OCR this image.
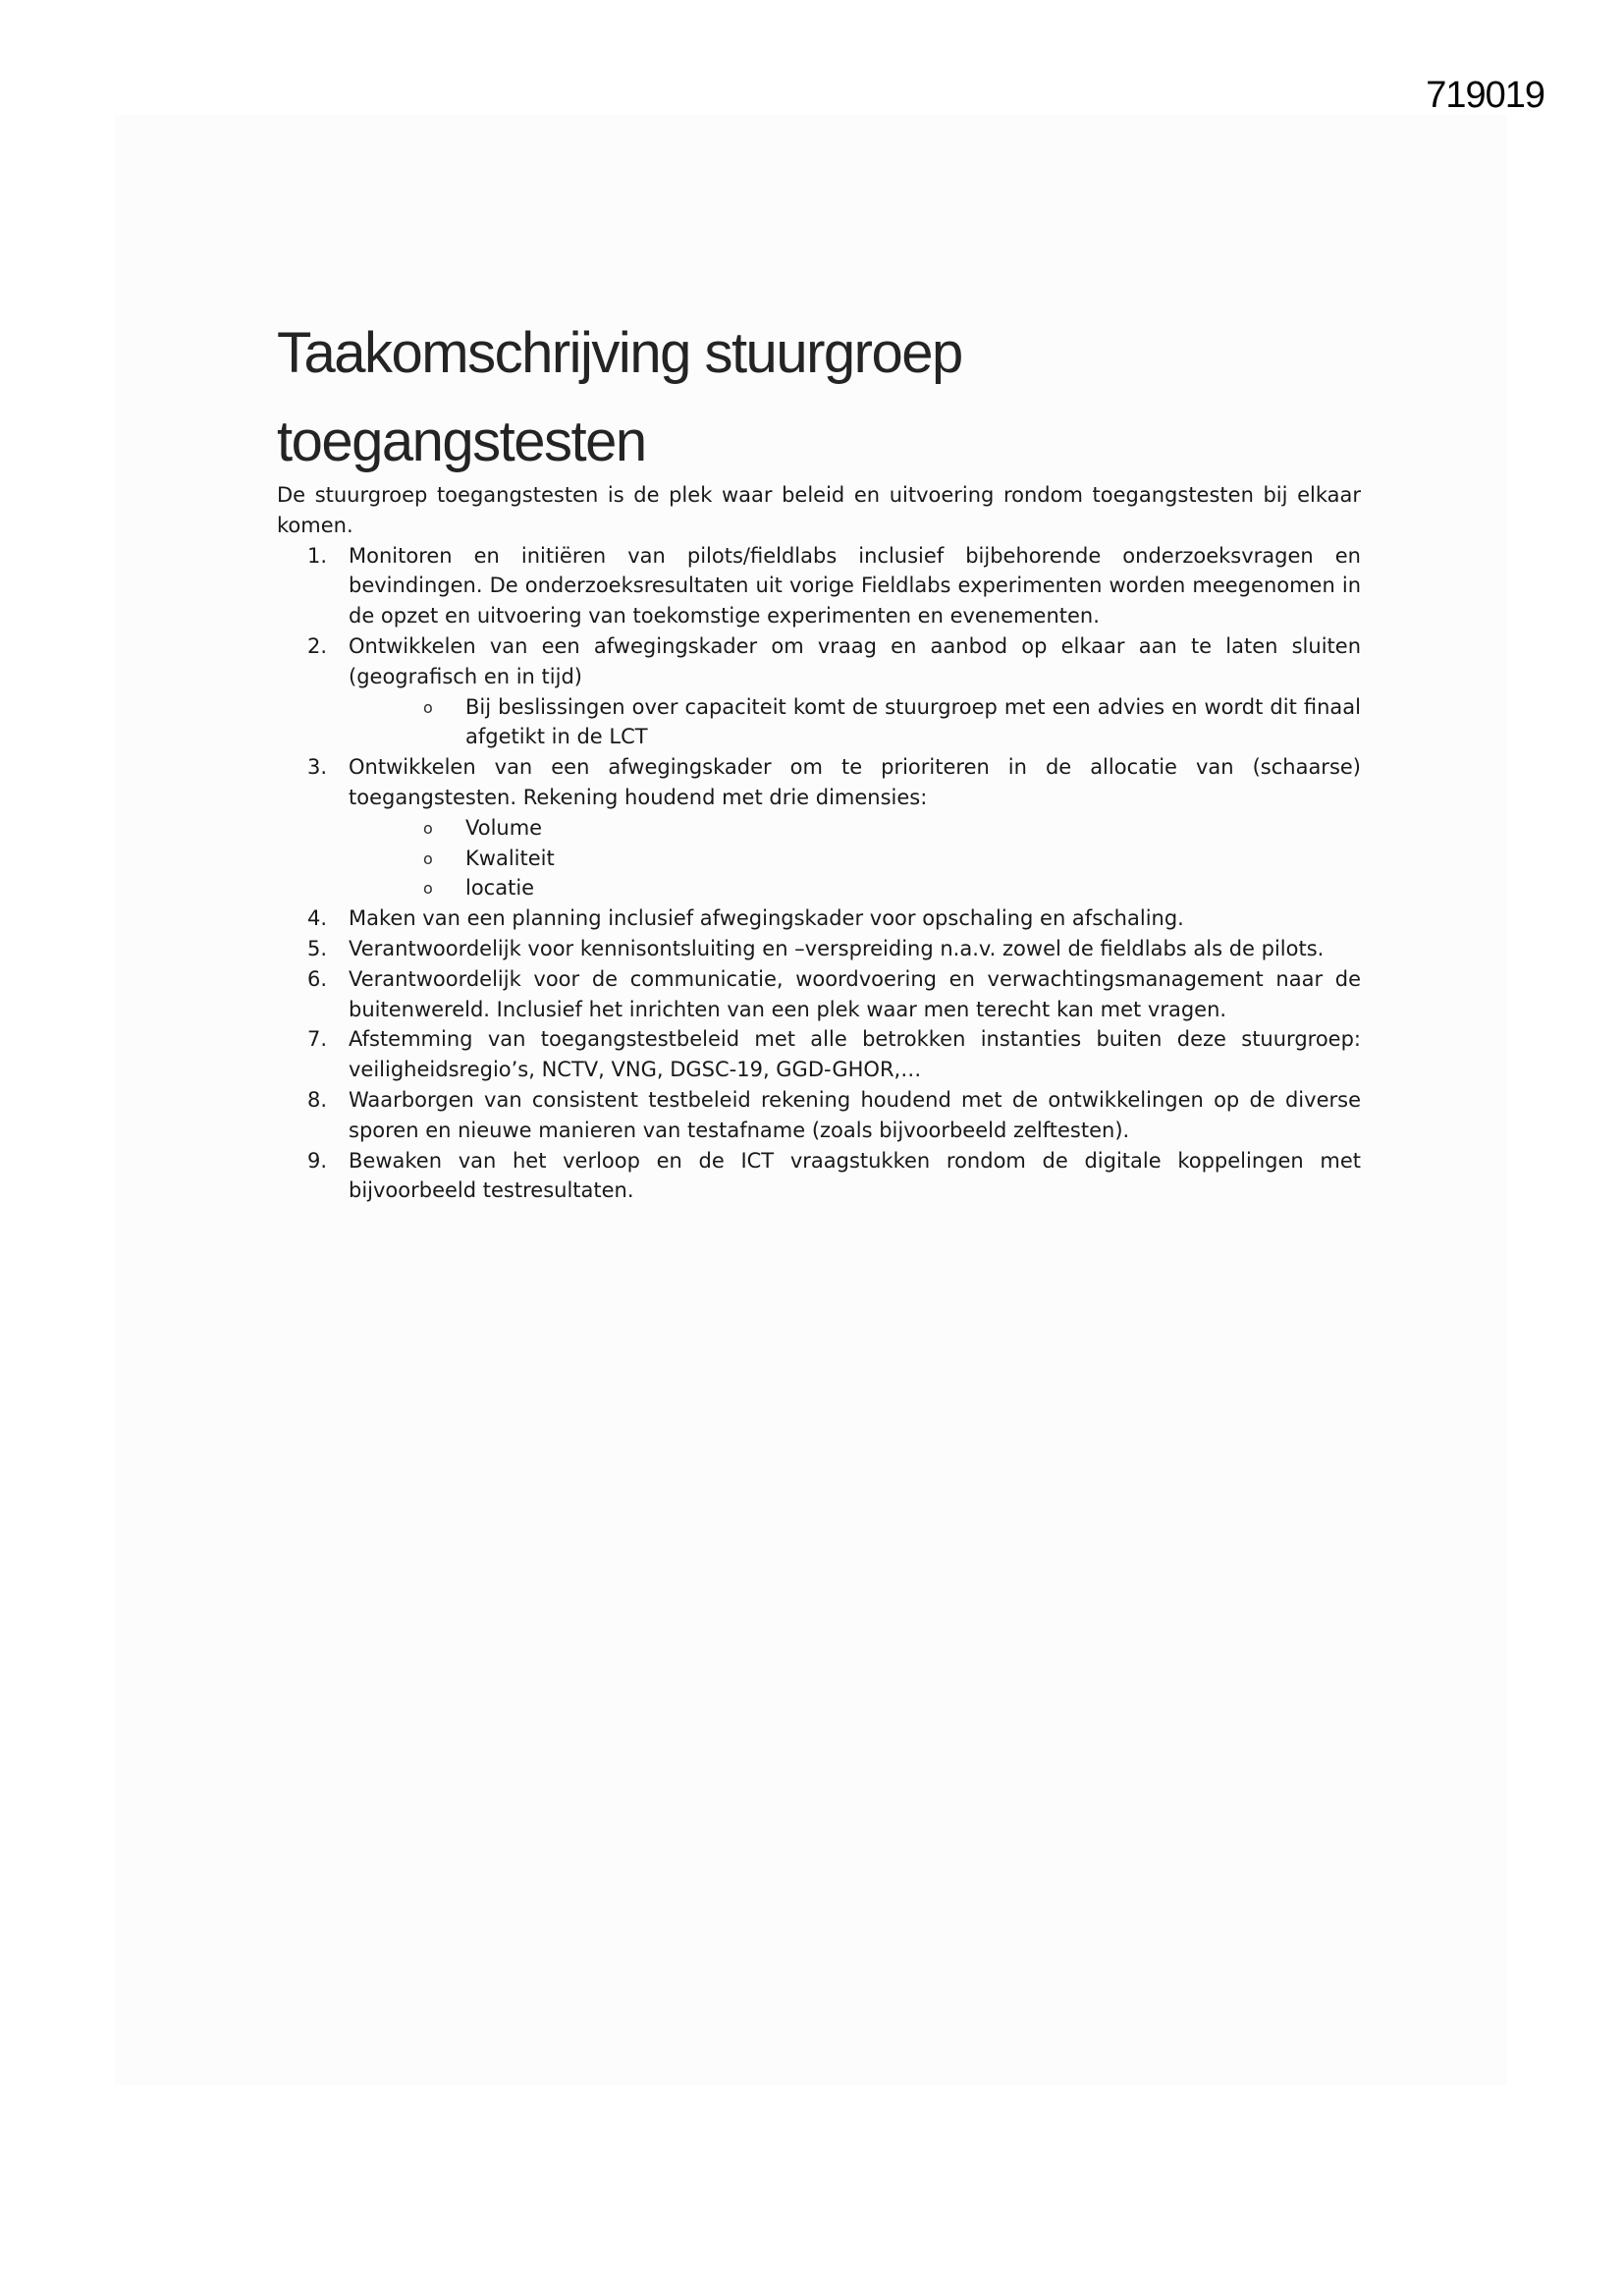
719019
Taakomschrijving stuurgroep
toegangstesten

De stuurgroep toegangstesten is de plek waar beleid en uitvoering rondom toegangstesten bij elkaar komen.

1. Monitoren en initiëren van pilots/fieldlabs inclusief bijbehorende onderzoeksvragen en bevindingen. De onderzoeksresultaten uit vorige Fieldlabs experimenten worden meegenomen in de opzet en uitvoering van toekomstige experimenten en evenementen.
2. Ontwikkelen van een afwegingskader om vraag en aanbod op elkaar aan te laten sluiten (geografisch en in tijd)
o Bij beslissingen over capaciteit komt de stuurgroep met een advies en wordt dit finaal afgetikt in de LCT
3. Ontwikkelen van een afwegingskader om te prioriteren in de allocatie van (schaarse) toegangstesten. Rekening houdend met drie dimensies:
o Volume
o Kwaliteit
o locatie
4. Maken van een planning inclusief afwegingskader voor opschaling en afschaling.
5. Verantwoordelijk voor kennisontsluiting en –verspreiding n.a.v. zowel de fieldlabs als de pilots.
6. Verantwoordelijk voor de communicatie, woordvoering en verwachtingsmanagement naar de buitenwereld. Inclusief het inrichten van een plek waar men terecht kan met vragen.
7. Afstemming van toegangstestbeleid met alle betrokken instanties buiten deze stuurgroep: veiligheidsregio’s, NCTV, VNG, DGSC-19, GGD-GHOR,…
8. Waarborgen van consistent testbeleid rekening houdend met de ontwikkelingen op de diverse sporen en nieuwe manieren van testafname (zoals bijvoorbeeld zelftesten).
9. Bewaken van het verloop en de ICT vraagstukken rondom de digitale koppelingen met bijvoorbeeld testresultaten.
